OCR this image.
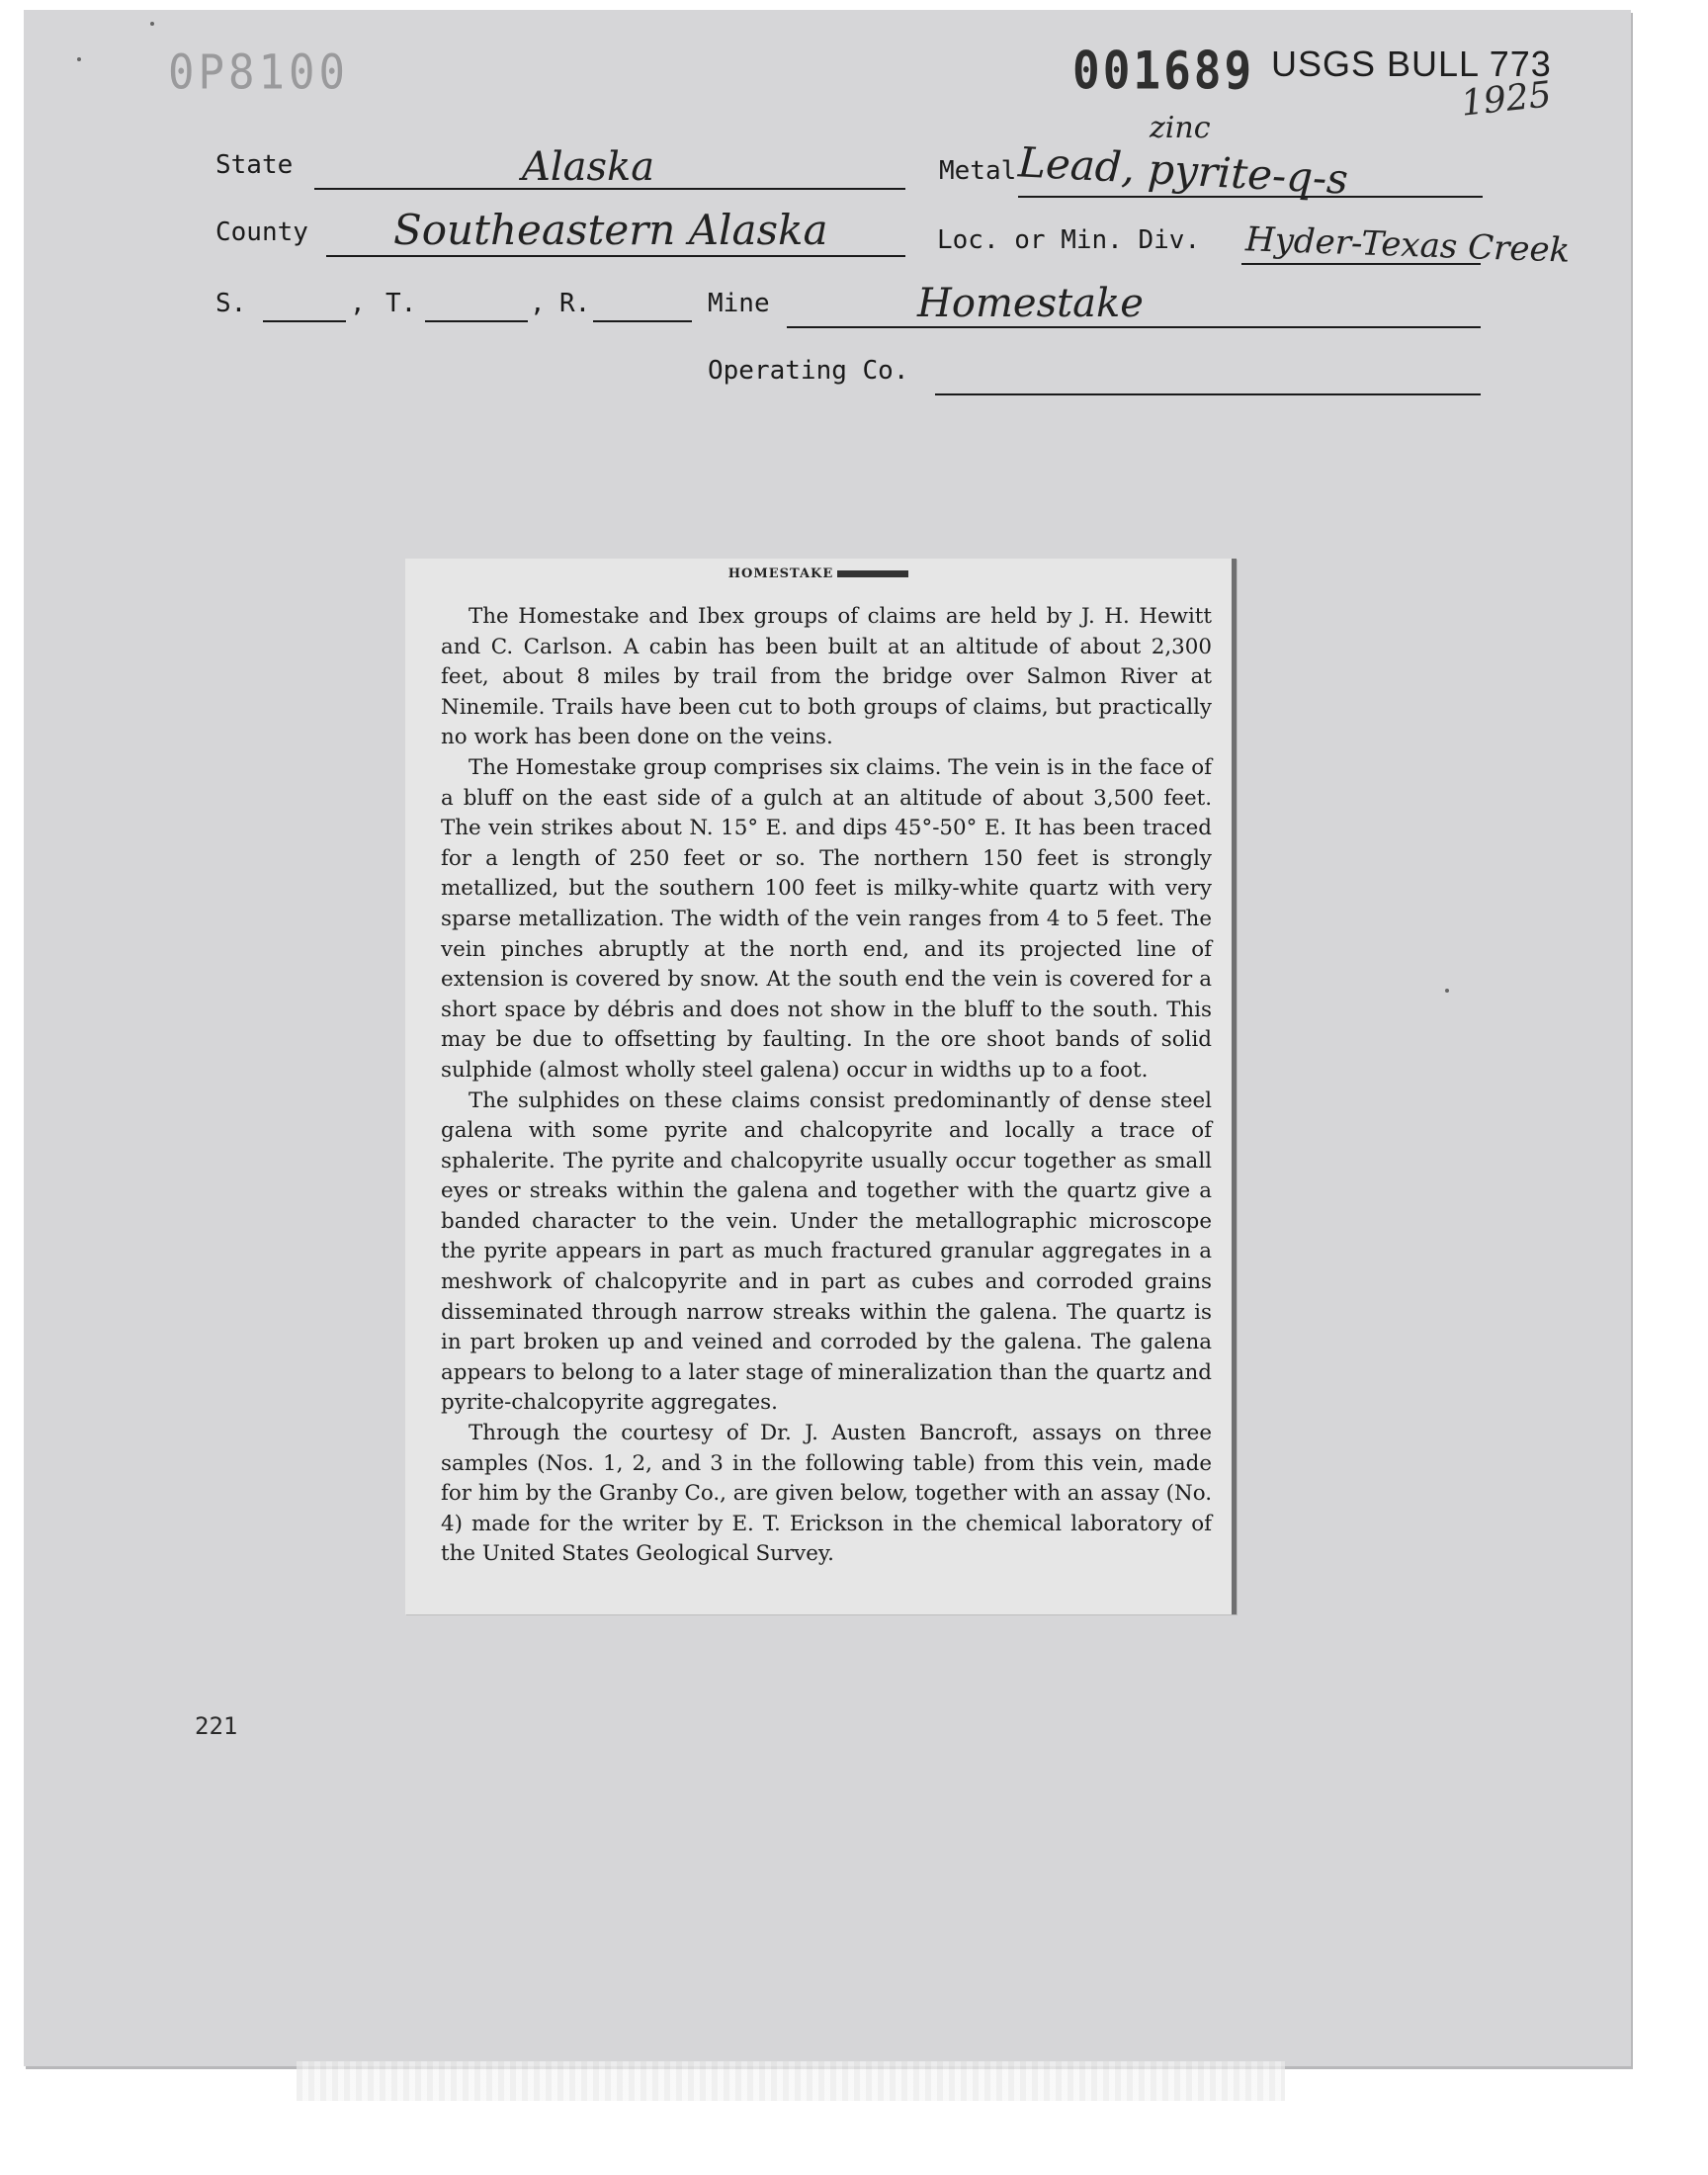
0P8100	001689 USGS BULL 773
1925
State	Alaska	Metal
zinc
Lead, pyrite-q-s
County Southeastern Alaska	Loc. or Min. Div. Hyder-Texas Creek
S.	, T.	, R.	Mine	Homestake
Operating Co.
HOMESTAKE

The Homestake and Ibex groups of claims are held by J. H. Hewitt and C. Carlson. A cabin has been built at an altitude of about 2,300 feet, about 8 miles by trail from the bridge over Salmon River at Ninemile. Trails have been cut to both groups of claims, but practically no work has been done on the veins.

The Homestake group comprises six claims. The vein is in the face of a bluff on the east side of a gulch at an altitude of about 3,500 feet. The vein strikes about N. 15° E. and dips 45°-50° E. It has been traced for a length of 250 feet or so. The northern 150 feet is strongly metallized, but the southern 100 feet is milky-white quartz with very sparse metallization. The width of the vein ranges from 4 to 5 feet. The vein pinches abruptly at the north end, and its projected line of extension is covered by snow. At the south end the vein is covered for a short space by débris and does not show in the bluff to the south. This may be due to offsetting by faulting. In the ore shoot bands of solid sulphide (almost wholly steel galena) occur in widths up to a foot.

The sulphides on these claims consist predominantly of dense steel galena with some pyrite and chalcopyrite and locally a trace of sphalerite. The pyrite and chalcopyrite usually occur together as small eyes or streaks within the galena and together with the quartz give a banded character to the vein. Under the metallographic microscope the pyrite appears in part as much fractured granular aggregates in a meshwork of chalcopyrite and in part as cubes and corroded grains disseminated through narrow streaks within the galena. The quartz is in part broken up and veined and corroded by the galena. The galena appears to belong to a later stage of mineralization than the quartz and pyrite-chalcopyrite aggregates.

Through the courtesy of Dr. J. Austen Bancroft, assays on three samples (Nos. 1, 2, and 3 in the following table) from this vein, made for him by the Granby Co., are given below, together with an assay (No. 4) made for the writer by E. T. Erickson in the chemical laboratory of the United States Geological Survey.

221
